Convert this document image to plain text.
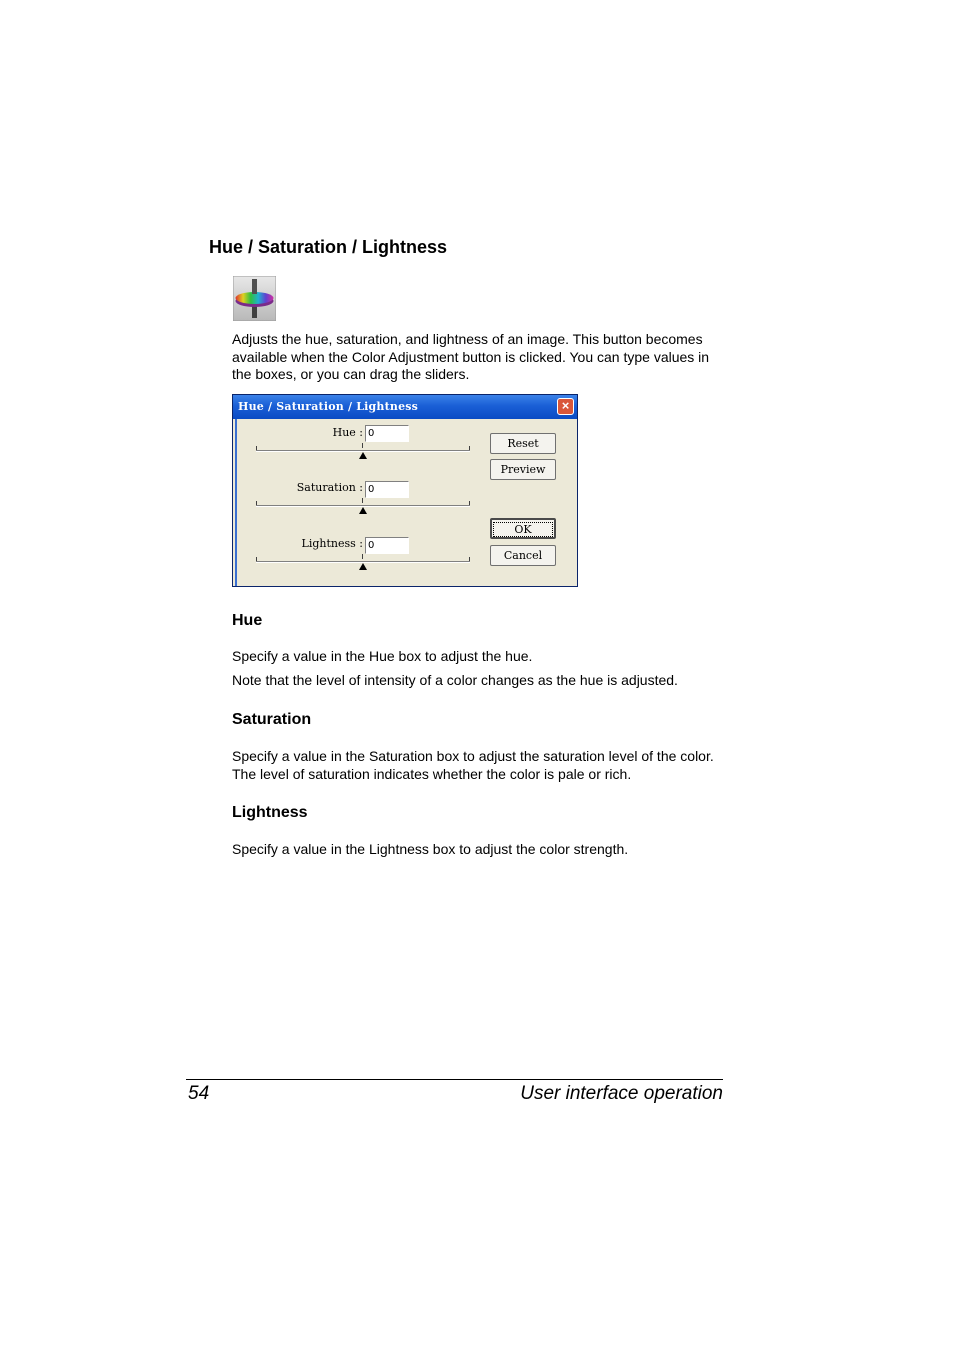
Hue / Saturation / Lightness

Adjusts the hue, saturation, and lightness of an image. This button becomes available when the Color Adjustment button is clicked. You can type values in the boxes, or you can drag the sliders.

Hue / Saturation / Lightness	×
Hue : 0
Saturation : 0
Lightness : 0
Reset
Preview
OK
Cancel
Hue

Specify a value in the Hue box to adjust the hue.

Note that the level of intensity of a color changes as the hue is adjusted.

Saturation

Specify a value in the Saturation box to adjust the saturation level of the color. The level of saturation indicates whether the color is pale or rich.

Lightness

Specify a value in the Lightness box to adjust the color strength.

54	User interface operation
